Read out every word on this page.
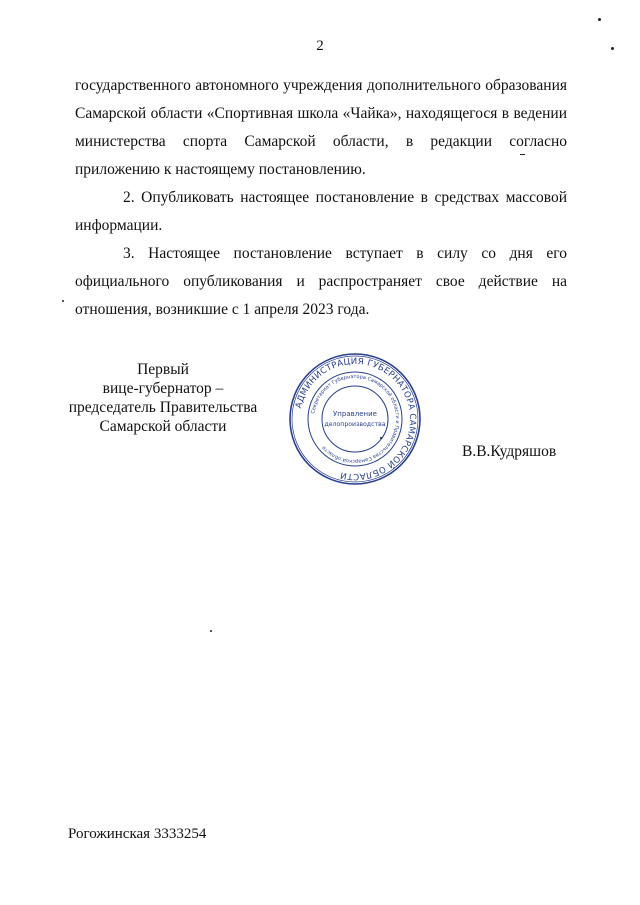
2

государственного автономного учреждения дополнительного образования Самарской области «Спортивная школа «Чайка», находящегося в ведении министерства спорта Самарской области, в редакции согласно приложению к настоящему постановлению.

2. Опубликовать настоящее постановление в средствах массовой информации.

3. Настоящее постановление вступает в силу со дня его официального опубликования и распространяет свое действие на отношения, возникшие с 1 апреля 2023 года.

Первый
вице-губернатор –
председатель Правительства
Самарской области
АДМИНИСТРАЦИЯ ГУБЕРНАТОРА САМАРСКОЙ ОБЛАСТИ
Секретариат Губернатора Самарской области и Правительства Самарской области
Управление
делопроизводства
В.В.Кудряшов
Рогожинская 3333254
